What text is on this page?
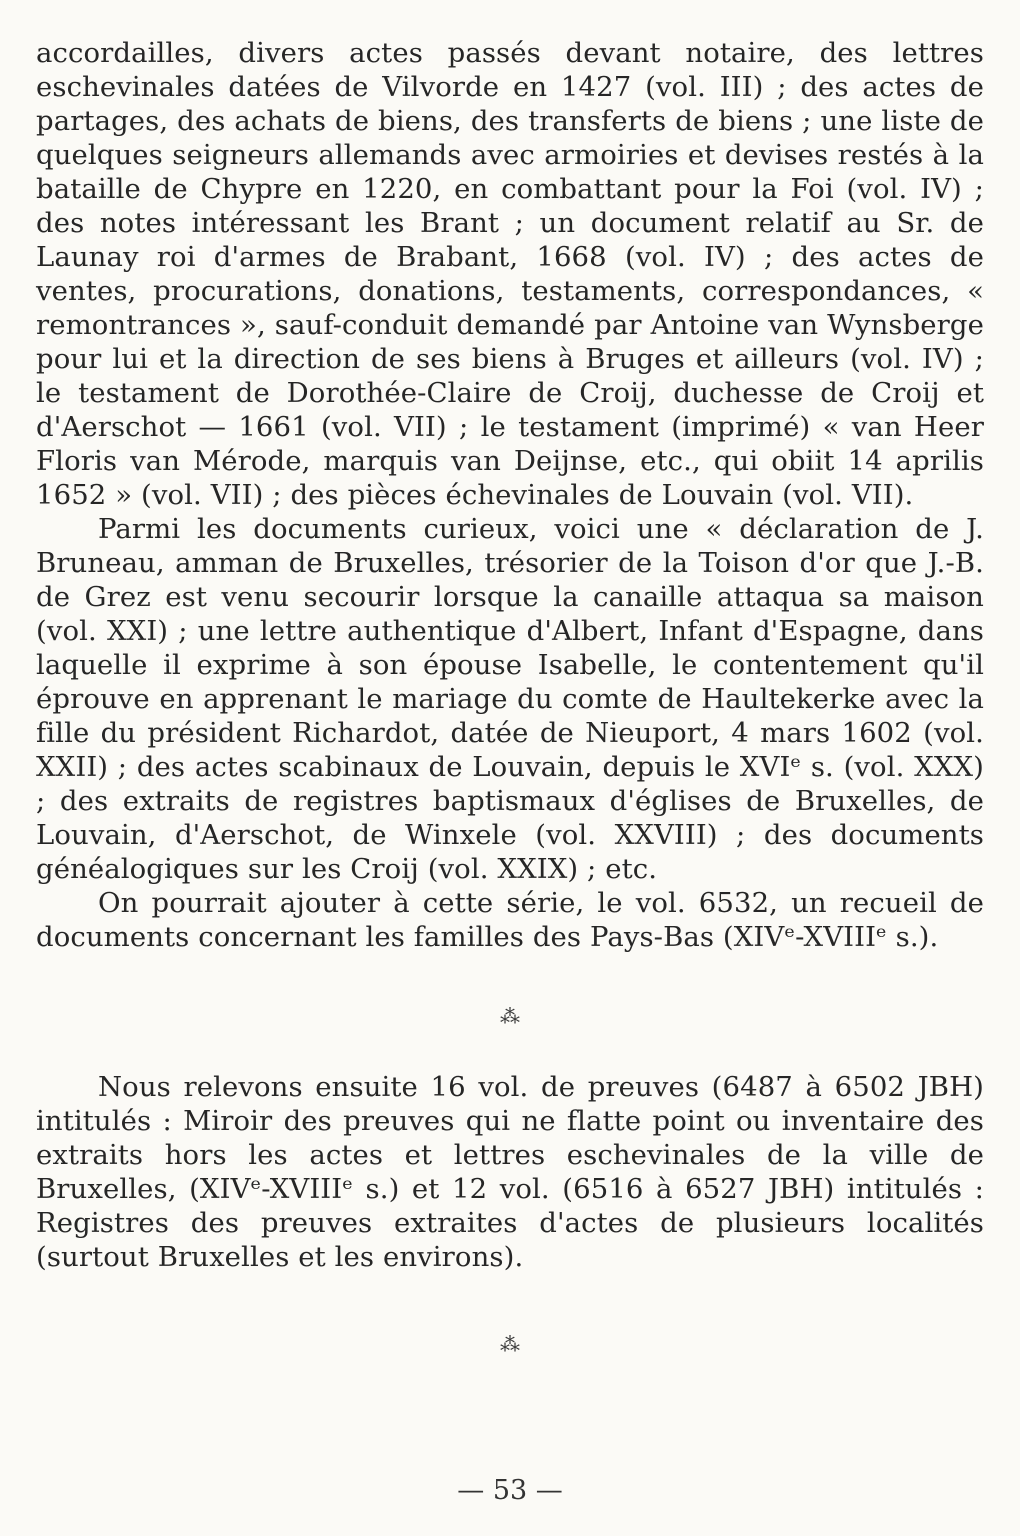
accordailles, divers actes passés devant notaire, des lettres eschevinales datées de Vilvorde en 1427 (vol. III) ; des actes de partages, des achats de biens, des transferts de biens ; une liste de quelques seigneurs allemands avec armoiries et devises restés à la bataille de Chypre en 1220, en combattant pour la Foi (vol. IV) ; des notes intéressant les Brant ; un document relatif au Sr. de Launay roi d'armes de Brabant, 1668 (vol. IV) ; des actes de ventes, procurations, donations, testaments, correspondances, « remontrances », sauf-conduit demandé par Antoine van Wynsberge pour lui et la direction de ses biens à Bruges et ailleurs (vol. IV) ; le testament de Dorothée-Claire de Croij, duchesse de Croij et d'Aerschot — 1661 (vol. VII) ; le testament (imprimé) « van Heer Floris van Mérode, marquis van Deijnse, etc., qui obiit 14 aprilis 1652 » (vol. VII) ; des pièces échevinales de Louvain (vol. VII).

Parmi les documents curieux, voici une « déclaration de J. Bruneau, amman de Bruxelles, trésorier de la Toison d'or que J.-B. de Grez est venu secourir lorsque la canaille attaqua sa maison (vol. XXI) ; une lettre authentique d'Albert, Infant d'Espagne, dans laquelle il exprime à son épouse Isabelle, le contentement qu'il éprouve en apprenant le mariage du comte de Haultekerke avec la fille du président Richardot, datée de Nieuport, 4 mars 1602 (vol. XXII) ; des actes scabinaux de Louvain, depuis le XVIᵉ s. (vol. XXX) ; des extraits de registres baptismaux d'églises de Bruxelles, de Louvain, d'Aerschot, de Winxele (vol. XXVIII) ; des documents généalogiques sur les Croij (vol. XXIX) ; etc.

On pourrait ajouter à cette série, le vol. 6532, un recueil de documents concernant les familles des Pays-Bas (XIVᵉ-XVIIIᵉ s.).

⁂

Nous relevons ensuite 16 vol. de preuves (6487 à 6502 JBH) intitulés : Miroir des preuves qui ne flatte point ou inventaire des extraits hors les actes et lettres eschevinales de la ville de Bruxelles, (XIVᵉ-XVIIIᵉ s.) et 12 vol. (6516 à 6527 JBH) intitulés : Registres des preuves extraites d'actes de plusieurs localités (surtout Bruxelles et les environs).

⁂
— 53 —
